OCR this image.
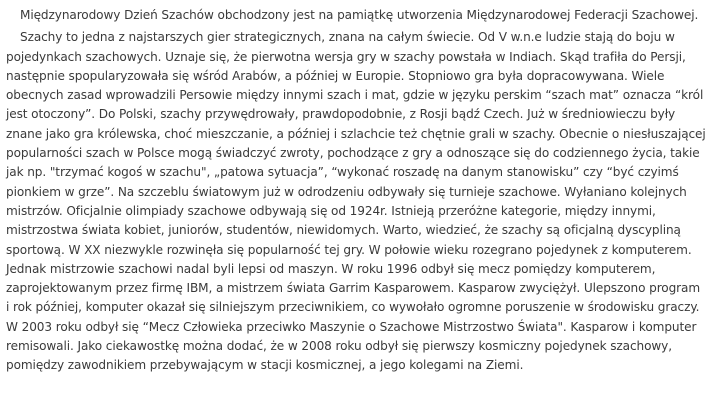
Międzynarodowy Dzień Szachów obchodzony jest na pamiątkę utworzenia Międzynarodowej Federacji Szachowej.

Szachy to jedna z najstarszych gier strategicznych, znana na całym świecie. Od V w.n.e ludzie stają do boju w pojedynkach szachowych. Uznaje się, że pierwotna wersja gry w szachy powstała w Indiach. Skąd trafiła do Persji, następnie spopularyzowała się wśród Arabów, a później w Europie. Stopniowo gra była dopracowywana. Wiele obecnych zasad wprowadzili Persowie między innymi szach i mat, gdzie w języku perskim “szach mat” oznacza “król jest otoczony”. Do Polski, szachy przywędrowały, prawdopodobnie, z Rosji bądź Czech. Już w średniowieczu były znane jako gra królewska, choć mieszczanie, a później i szlachcie też chętnie grali w szachy. Obecnie o niesłuszającej popularności szach w Polsce mogą świadczyć zwroty, pochodzące z gry a odnoszące się do codziennego życia, takie jak np. "trzymać kogoś w szachu", „patowa sytuacja”, “wykonać roszadę na danym stanowisku” czy “być czyimś pionkiem w grze”. Na szczeblu światowym już w odrodzeniu odbywały się turnieje szachowe. Wyłaniano kolejnych mistrzów. Oficjalnie olimpiady szachowe odbywają się od 1924r. Istnieją przeróżne kategorie, między innymi, mistrzostwa świata kobiet, juniorów, studentów, niewidomych. Warto, wiedzieć, że szachy są oficjalną dyscypliną sportową. W XX niezwykle rozwinęła się popularność tej gry. W połowie wieku rozegrano pojedynek z komputerem. Jednak mistrzowie szachowi nadal byli lepsi od maszyn. W roku 1996 odbył się mecz pomiędzy komputerem, zaprojektowanym przez firmę IBM, a mistrzem świata Garrim Kasparowem. Kasparow zwyciężył. Ulepszono program i rok później, komputer okazał się silniejszym przeciwnikiem, co wywołało ogromne poruszenie w środowisku graczy. W 2003 roku odbył się “Mecz Człowieka przeciwko Maszynie o Szachowe Mistrzostwo Świata". Kasparow i komputer remisowali. Jako ciekawostkę można dodać, że w 2008 roku odbył się pierwszy kosmiczny pojedynek szachowy, pomiędzy zawodnikiem przebywającym w stacji kosmicznej, a jego kolegami na Ziemi.
